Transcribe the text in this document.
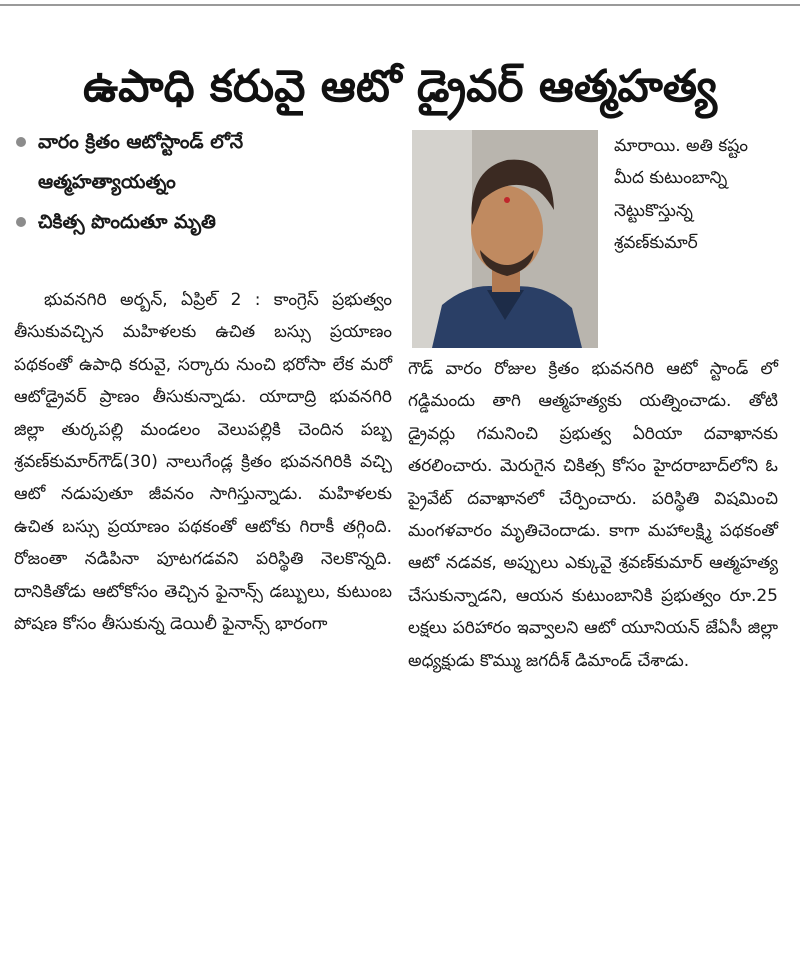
ఉపాధి కరువై ఆటో డ్రైవర్ ఆత్మహత్య
వారం క్రితం ఆటోస్టాండ్ లోనే
ఆత్మహత్యాయత్నం
చికిత్స పొందుతూ మృతి

భువనగిరి అర్బన్, ఏప్రిల్ 2 : కాంగ్రెస్ ప్రభుత్వం తీసుకువచ్చిన మహిళలకు ఉచిత బస్సు ప్రయాణం పథకంతో ఉపాధి కరువై, సర్కారు నుంచి భరోసా లేక మరో ఆటోడ్రైవర్ ప్రాణం తీసుకున్నాడు. యాదాద్రి భువనగిరి జిల్లా తుర్కపల్లి మండలం వెలుపల్లికి చెందిన పబ్బ శ్రవణ్‌కుమార్‌గౌడ్(30) నాలుగేండ్ల క్రితం భువనగిరికి వచ్చి ఆటో నడుపుతూ జీవనం సాగిస్తున్నాడు. మహిళలకు ఉచిత బస్సు ప్రయాణం పథకంతో ఆటోకు గిరాకీ తగ్గింది. రోజంతా నడిపినా పూటగడవని పరిస్థితి నెలకొన్నది. దానికితోడు ఆటోకోసం తెచ్చిన ఫైనాన్స్ డబ్బులు, కుటుంబ పోషణ కోసం తీసుకున్న డెయిలీ ఫైనాన్స్ భారంగా

మారాయి. అతి కష్టం మీద కుటుంబాన్ని నెట్టుకొస్తున్న శ్రవణ్‌కుమార్

గౌడ్ వారం రోజుల క్రితం భువనగిరి ఆటో స్టాండ్ లో గడ్డిమందు తాగి ఆత్మహత్యకు యత్నించాడు. తోటి డ్రైవర్లు గమనించి ప్రభుత్వ ఏరియా దవాఖానకు తరలించారు. మెరుగైన చికిత్స కోసం హైదరాబాద్‌లోని ఓ ప్రైవేట్ దవాఖానలో చేర్పించారు. పరిస్థితి విషమించి మంగళవారం మృతిచెందాడు. కాగా మహాలక్ష్మి పథకంతో ఆటో నడవక, అప్పులు ఎక్కువై శ్రవణ్‌కుమార్ ఆత్మహత్య చేసుకున్నాడని, ఆయన కుటుంబానికి ప్రభుత్వం రూ.25 లక్షలు పరిహారం ఇవ్వాలని ఆటో యూనియన్ జేఏసీ జిల్లా అధ్యక్షుడు కొమ్ము జగదీశ్ డిమాండ్ చేశాడు.
